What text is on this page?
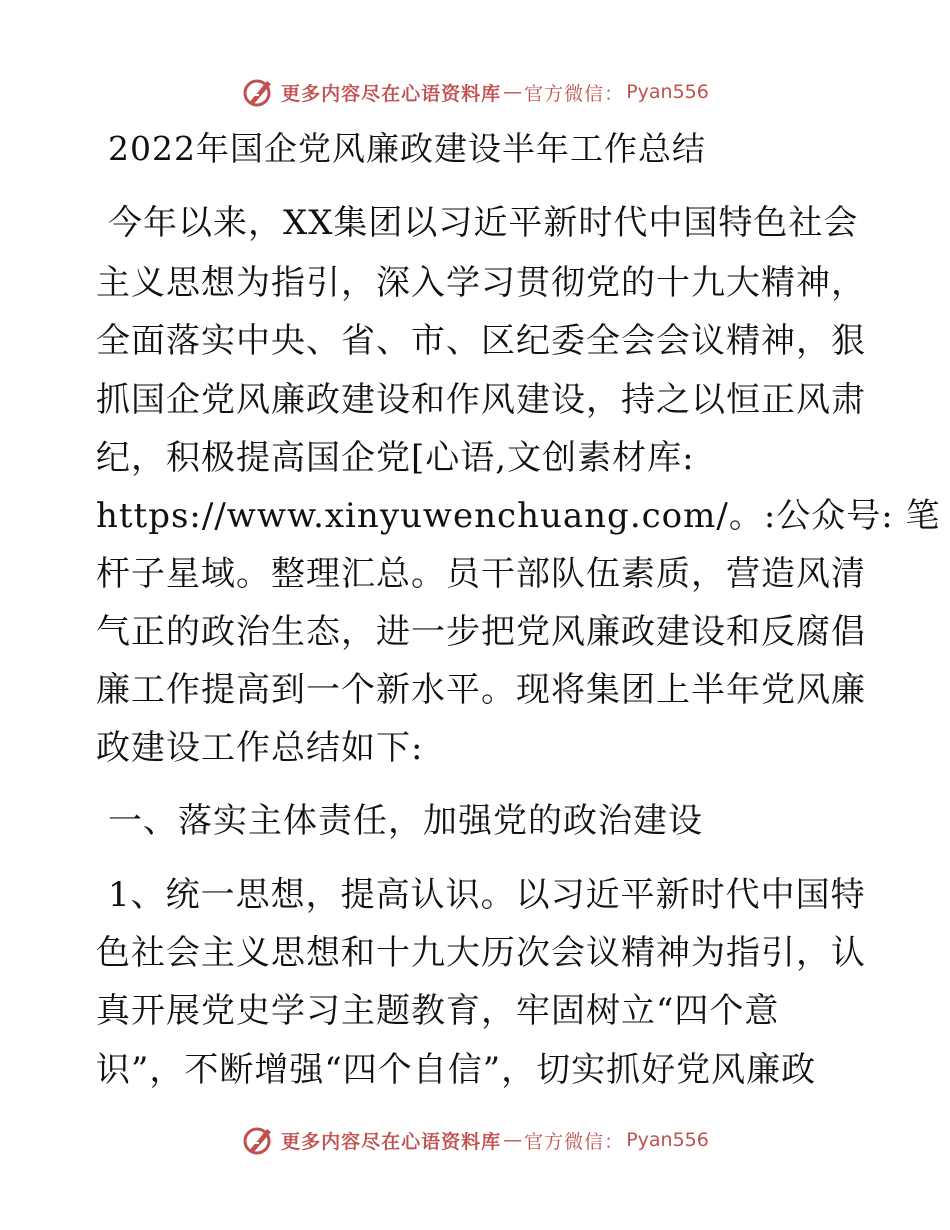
更多内容尽在心语资料库 — 官方微信： Pyan556
2022年国企党风廉政建设半年工作总结
今年以来，XX集团以习近平新时代中国特色社会
主义思想为指引，深入学习贯彻党的十九大精神，
全面落实中央、省、市、区纪委全会会议精神，狠
抓国企党风廉政建设和作风建设，持之以恒正风肃
纪，积极提高国企党[心语,文创素材库:
https://www.xinyuwenchuang.com/。:公众号: 笔
杆子星域。整理汇总。员干部队伍素质，营造风清
气正的政治生态，进一步把党风廉政建设和反腐倡
廉工作提高到一个新水平。现将集团上半年党风廉
政建设工作总结如下:
一、落实主体责任，加强党的政治建设
1、统一思想，提高认识。以习近平新时代中国特
色社会主义思想和十九大历次会议精神为指引，认
真开展党史学习主题教育，牢固树立“四个意
识”，不断增强“四个自信”，切实抓好党风廉政
更多内容尽在心语资料库 — 官方微信： Pyan556
